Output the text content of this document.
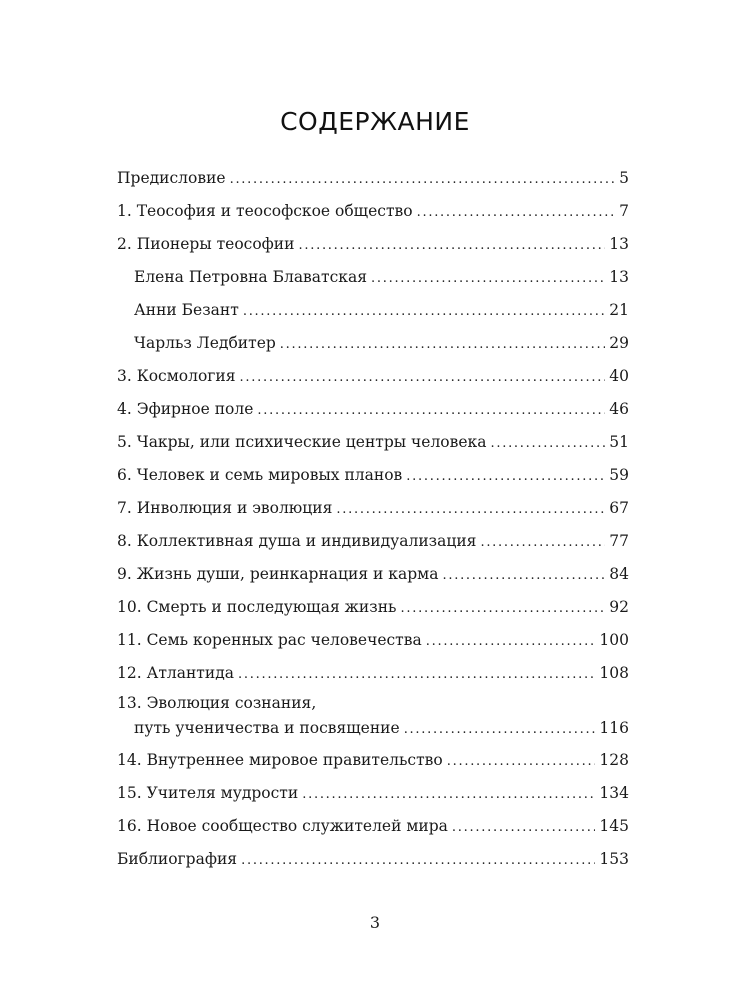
СОДЕРЖАНИЕ
Предисловие . . .	5
1. Теософия и теософское общество . . .	7
2. Пионеры теософии . . .	13
Елена Петровна Блаватская . . .	13
Анни Безант . . .	21
Чарльз Ледбитер . . .	29
3. Космология . . .	40
4. Эфирное поле . . .	46
5. Чакры, или психические центры человека . . .	51
6. Человек и семь мировых планов . . .	59
7. Инволюция и эволюция . . .	67
8. Коллективная душа и индивидуализация . . .	77
9. Жизнь души, реинкарнация и карма . . .	84
10. Смерть и последующая жизнь . . .	92
11. Семь коренных рас человечества . . .	100
12. Атлантида . . .	108
13. Эволюция сознания,
путь ученичества и посвящение . . .	116
14. Внутреннее мировое правительство . . .	128
15. Учителя мудрости . . .	134
16. Новое сообщество служителей мира . . .	145
Библиография . . .	153
3
